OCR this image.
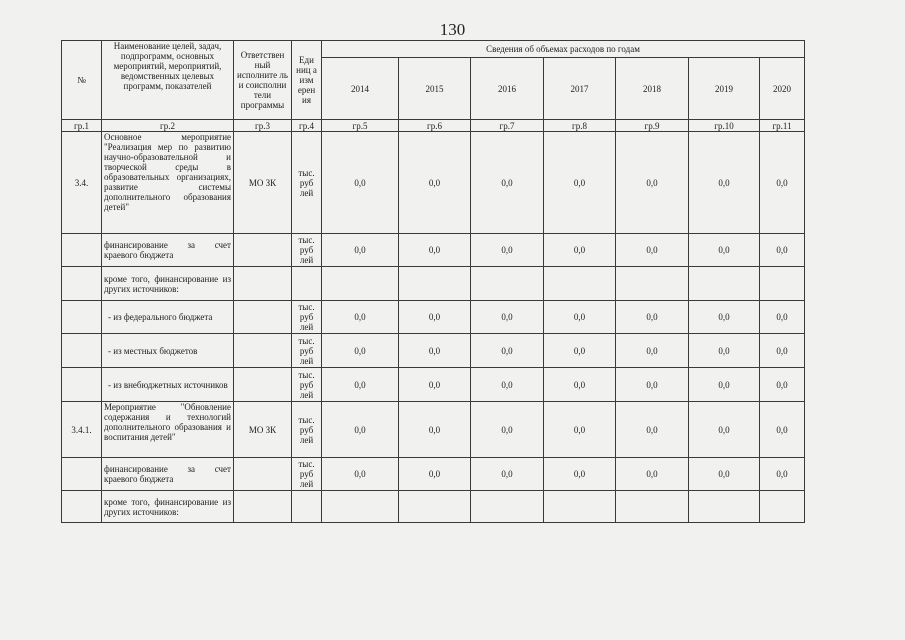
130
№	Наименование целей, задач, подпрограмм, основных мероприятий, мероприятий, ведомственных целевых программ, показателей	Ответствен ный исполните ль и соисполни тели программы	Еди ниц а изм ерен ия	Сведения об объемах расходов по годам						
				2014	2015	2016	2017	2018	2019	2020
гр.1	гр.2	гр.3	гр.4	гр.5	гр.6	гр.7	гр.8	гр.9	гр.10	гр.11
3.4.	Основное мероприятие "Реализация мер по развитию научно-образовательной и творческой среды в образовательных организациях, развитие системы дополнительного образования детей"	МО ЗК	тыс. руб лей	0,0	0,0	0,0	0,0	0,0	0,0	0,0
	финансирование за счет краевого бюджета		тыс. руб лей	0,0	0,0	0,0	0,0	0,0	0,0	0,0
	кроме того, финансирование из других источников:									
	- из федерального бюджета		тыс. руб лей	0,0	0,0	0,0	0,0	0,0	0,0	0,0
	- из местных бюджетов		тыс. руб лей	0,0	0,0	0,0	0,0	0,0	0,0	0,0
	- из внебюджетных источников		тыс. руб лей	0,0	0,0	0,0	0,0	0,0	0,0	0,0
3.4.1.	Мероприятие "Обновление содержания и технологий дополнительного образования и воспитания детей"	МО ЗК	тыс. руб лей	0,0	0,0	0,0	0,0	0,0	0,0	0,0
	финансирование за счет краевого бюджета		тыс. руб лей	0,0	0,0	0,0	0,0	0,0	0,0	0,0
	кроме того, финансирование из других источников:									
